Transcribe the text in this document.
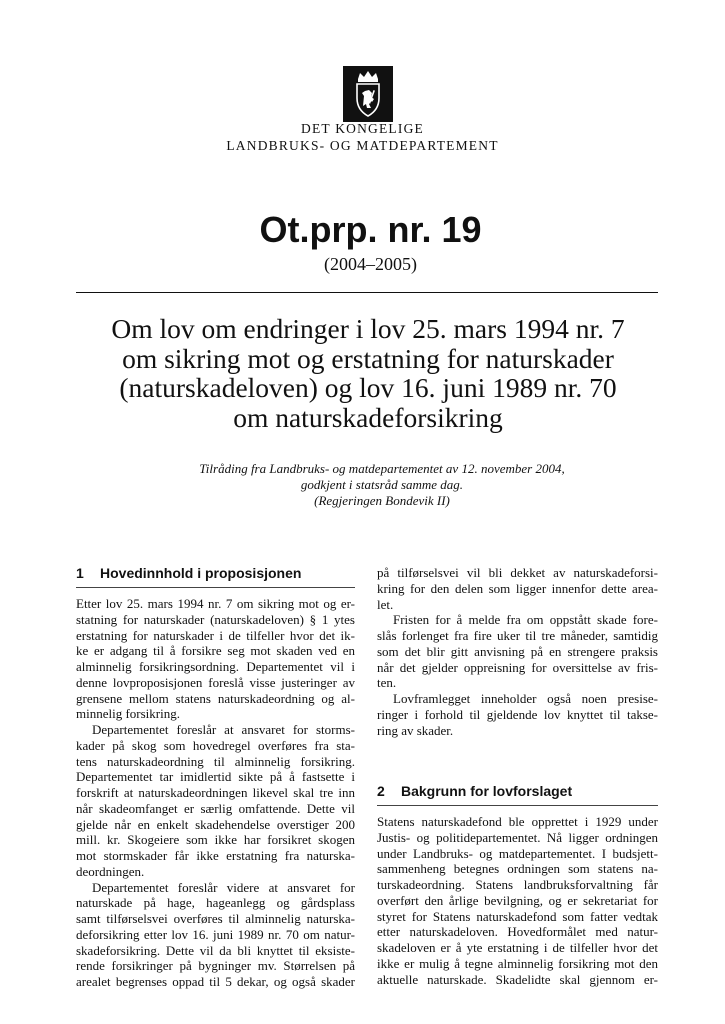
DET KONGELIGE
LANDBRUKS- OG MATDEPARTEMENT
Ot.prp. nr. 19
(2004–2005)
Om lov om endringer i lov 25. mars 1994 nr. 7
om sikring mot og erstatning for naturskader
(naturskadeloven) og lov 16. juni 1989 nr. 70
om naturskadeforsikring
Tilråding fra Landbruks- og matdepartementet av 12. november 2004,
godkjent i statsråd samme dag.
(Regjeringen Bondevik II)
1 Hovedinnhold i proposisjonen
Etter lov 25. mars 1994 nr. 7 om sikring mot og er-
statning for naturskader (naturskadeloven) § 1 ytes
erstatning for naturskader i de tilfeller hvor det ik-
ke er adgang til å forsikre seg mot skaden ved en
alminnelig forsikringsordning. Departementet vil i
denne lovproposisjonen foreslå visse justeringer av
grensene mellom statens naturskadeordning og al-
minnelig forsikring.
Departementet foreslår at ansvaret for storms-
kader på skog som hovedregel overføres fra sta-
tens naturskadeordning til alminnelig forsikring.
Departementet tar imidlertid sikte på å fastsette i
forskrift at naturskadeordningen likevel skal tre inn
når skadeomfanget er særlig omfattende. Dette vil
gjelde når en enkelt skadehendelse overstiger 200
mill. kr. Skogeiere som ikke har forsikret skogen
mot stormskader får ikke erstatning fra naturska-
deordningen.
Departementet foreslår videre at ansvaret for
naturskade på hage, hageanlegg og gårdsplass
samt tilførselsvei overføres til alminnelig naturska-
deforsikring etter lov 16. juni 1989 nr. 70 om natur-
skadeforsikring. Dette vil da bli knyttet til eksiste-
rende forsikringer på bygninger mv. Størrelsen på
arealet begrenses oppad til 5 dekar, og også skader
på tilførselsvei vil bli dekket av naturskadeforsi-
kring for den delen som ligger innenfor dette area-
let.
Fristen for å melde fra om oppstått skade fore-
slås forlenget fra fire uker til tre måneder, samtidig
som det blir gitt anvisning på en strengere praksis
når det gjelder oppreisning for oversittelse av fris-
ten.
Lovframlegget inneholder også noen presise-
ringer i forhold til gjeldende lov knyttet til takse-
ring av skader.
2 Bakgrunn for lovforslaget
Statens naturskadefond ble opprettet i 1929 under
Justis- og politidepartementet. Nå ligger ordningen
under Landbruks- og matdepartementet. I budsjett-
sammenheng betegnes ordningen som statens na-
turskadeordning. Statens landbruksforvaltning får
overført den årlige bevilgning, og er sekretariat for
styret for Statens naturskadefond som fatter vedtak
etter naturskadeloven. Hovedformålet med natur-
skadeloven er å yte erstatning i de tilfeller hvor det
ikke er mulig å tegne alminnelig forsikring mot den
aktuelle naturskade. Skadelidte skal gjennom er-
